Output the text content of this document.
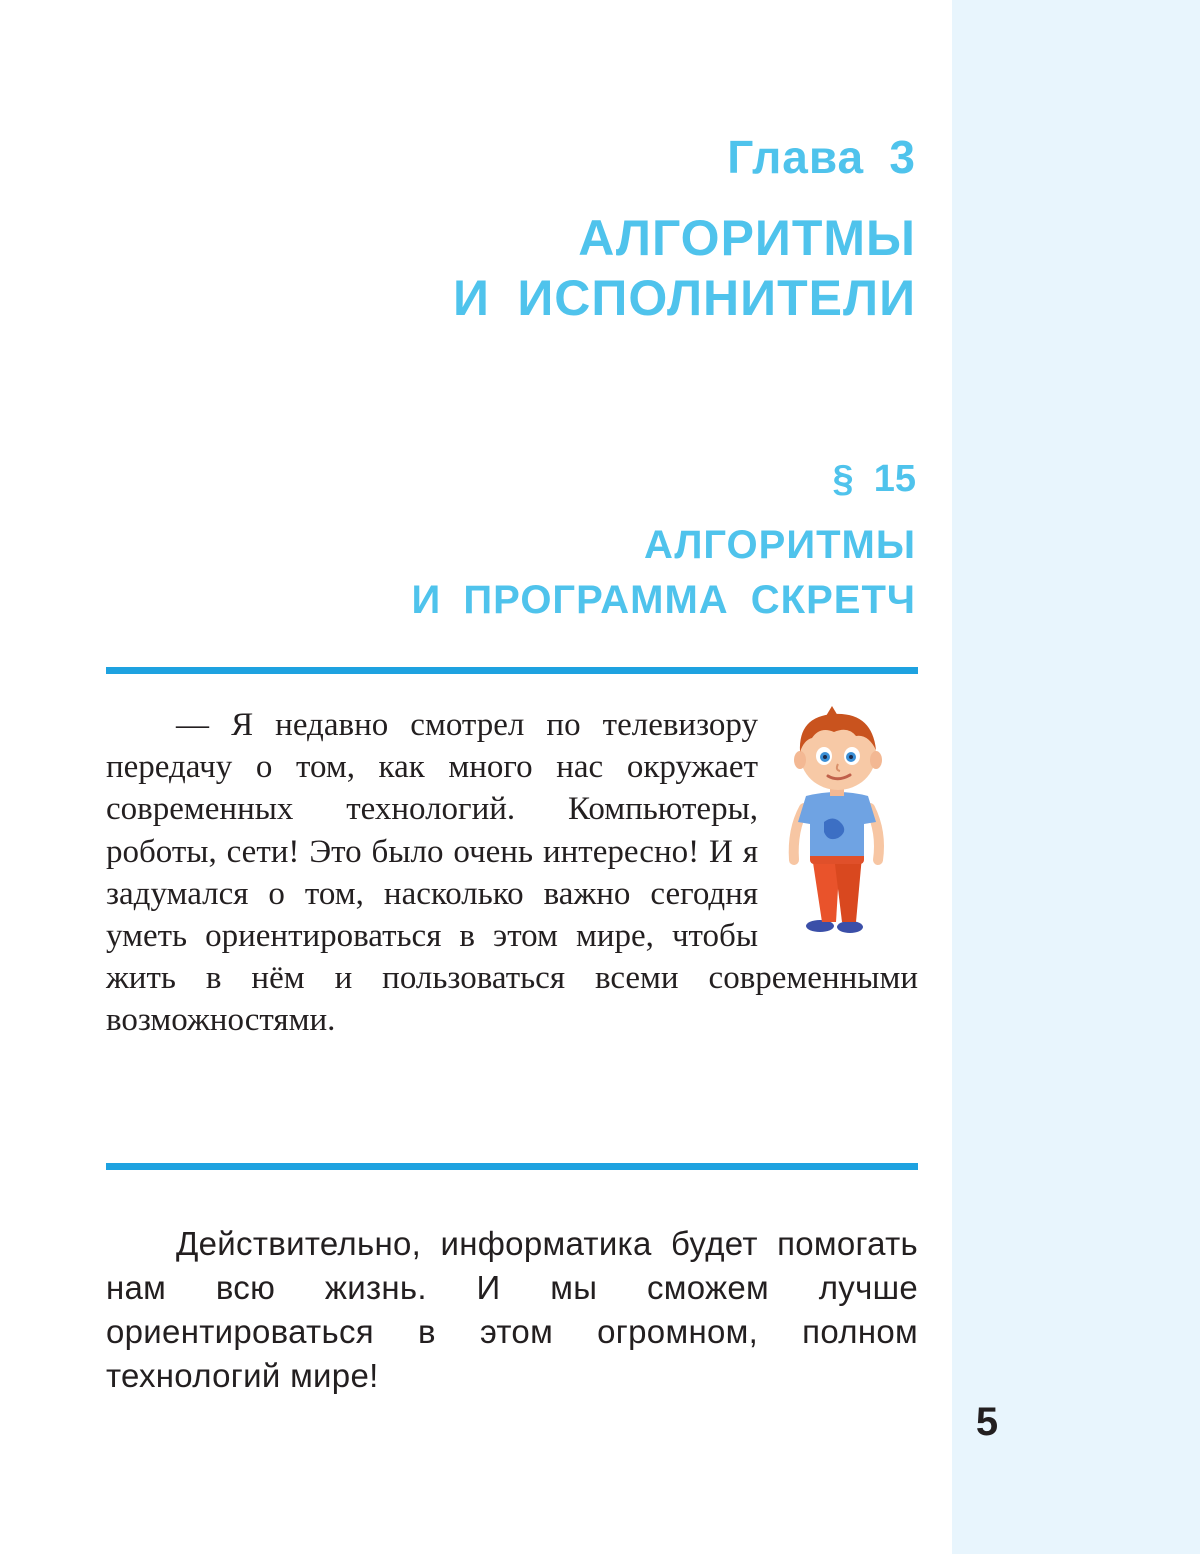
Глава 3
АЛГОРИТМЫ
И ИСПОЛНИТЕЛИ
§ 15
АЛГОРИТМЫ
И ПРОГРАММА СКРЕТЧ

— Я недавно смотрел по телевизору передачу о том, как много нас окружает современных технологий. Компьютеры, роботы, сети! Это было очень интересно! И я задумался о том, насколько важно сегодня уметь ориентироваться в этом мире, чтобы жить в нём и пользоваться всеми современными возможностями.

Действительно, информатика будет помогать нам всю жизнь. И мы сможем лучше ориентироваться в этом огромном, полном технологий мире!

5
